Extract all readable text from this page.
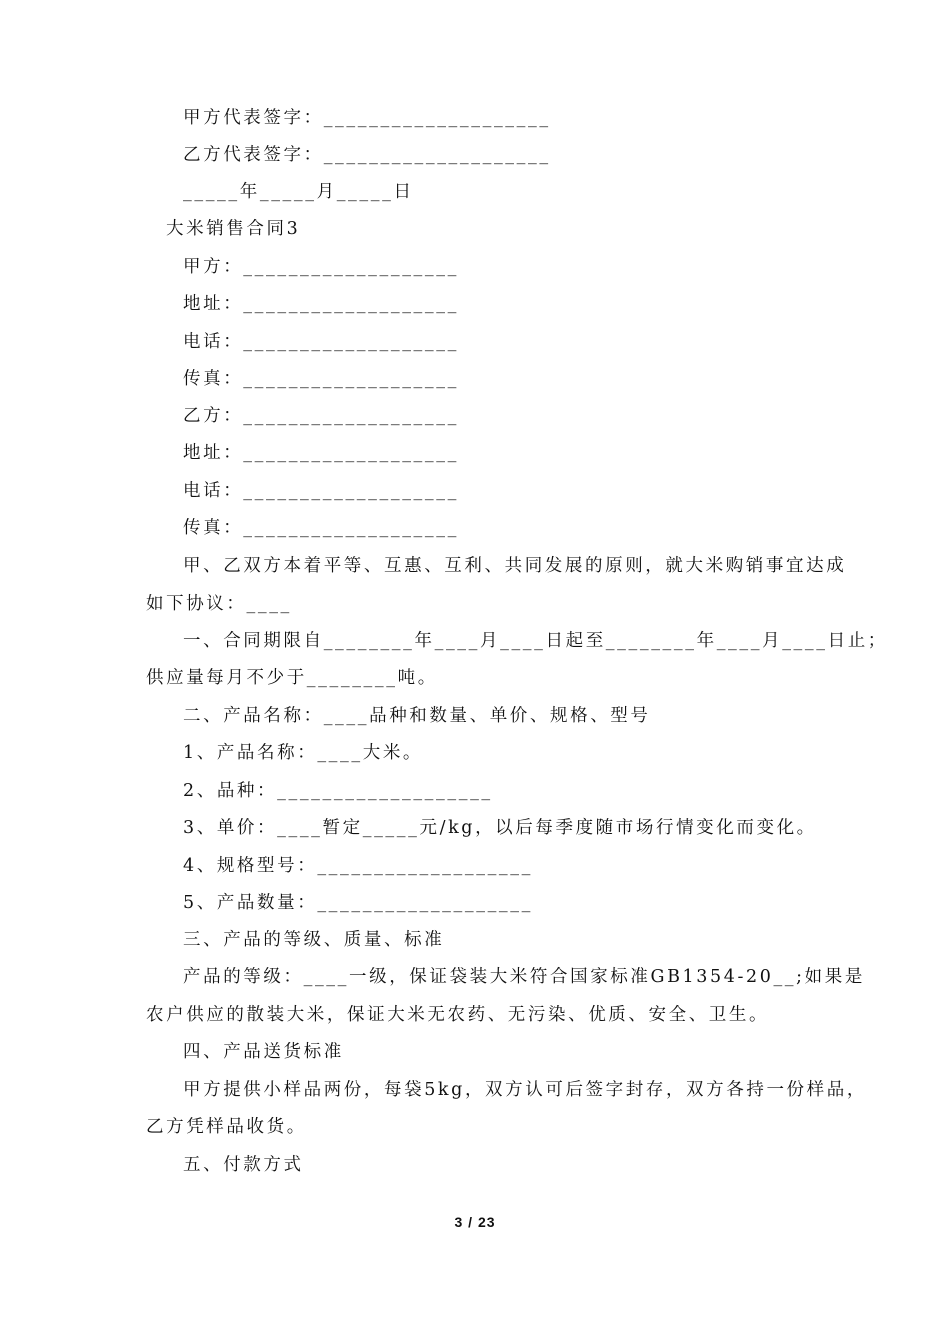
甲方代表签字：____________________
乙方代表签字：____________________
_____年_____月_____日
大米销售合同3
甲方：___________________
地址：___________________
电话：___________________
传真：___________________
乙方：___________________
地址：___________________
电话：___________________
传真：___________________
甲、乙双方本着平等、互惠、互利、共同发展的原则，就大米购销事宜达成
如下协议：____
一、合同期限自________年____月____日起至________年____月____日止；
供应量每月不少于________吨。
二、产品名称：____品种和数量、单价、规格、型号
1、产品名称：____大米。
2、品种：___________________
3、单价：____暂定_____元/kg，以后每季度随市场行情变化而变化。
4、规格型号：___________________
5、产品数量：___________________
三、产品的等级、质量、标准
产品的等级：____一级，保证袋装大米符合国家标准GB1354-20__;如果是
农户供应的散装大米，保证大米无农药、无污染、优质、安全、卫生。
四、产品送货标准
甲方提供小样品两份，每袋5kg，双方认可后签字封存，双方各持一份样品，
乙方凭样品收货。
五、付款方式
3 / 23
